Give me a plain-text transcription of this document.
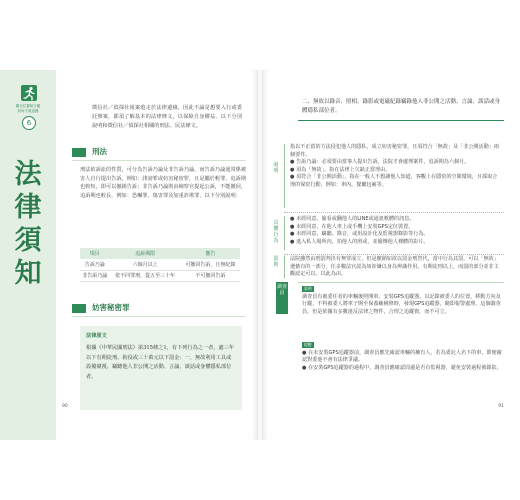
曝光位置和行蹤
如何不被追蹤
6
法律須知
徵信社／偵探社報案遊走於法律邊緣，因此不論是想要入行或委託辦案，都須了解基本的法律條文，以保障自身權益。以下分別說明和徵信社／偵探社相關的刑法、民法條文。
刑法
刑法依訴訟的性質，可分為告訴乃論及非告訴乃論，而告訴乃論通常係被害人自行提出告訴，例如：誹謗罪或妨害秘密罪，且是屬於輕罪，追訴期也較短，即可以撤銷告訴；非告訴乃論則由檢察官提起公訴，不能撤回，追訴期也較長，例如：恐嚇罪、傷害罪及加重詐欺罪，以下分別說明：
項目	追訴期限	撤告
告訴乃論	六個月以上	可撤回告訴，且無紀錄
非告訴乃論	依不同罪刑，從五至三十年	不可撤回告訴
妨害秘密罪
法律原文
根據《中華民國刑法》第315條之1，有下列行為之一者，處三年以下有期徒刑、拘役或三十萬元以下罰金：一、無故利用工具或設備窺視、竊聽他人非公開之活動、言論、談話或身體隱私部位者。
90
二、無故以錄音、照相、錄影或電磁紀錄竊錄他人非公開之活動、言論、談話或身體隱私部位者。
說明
指以不正當的方法侵犯他人的隱私，成立妨害秘密罪，且須符合「無故」及「非公開活動」兩個要件。
● 告訴乃論：必須要由當事人提出告訴，法院才會處理案件，追訴期為六個月。
● 須為「無故」，指在法律上欠缺正當理由。
● 須符合「非公開活動」，指在一般人不想讓他人知道，客觀上在隱密的空間環境，且採取合理的保密行動，例如：車內、餐廳包廂等。
具體行為
● 未經同意，偷看或翻他人的LINE或通訊軟體的訊息。
● 未經同意，在他人車上或手機上安裝GPS定位裝置。
● 未經同意，竊聽、錄音，或用設計化及監視器錄影等行為。
● 進入私人場所內，拍他人的照或，並偷傳他人裸體的影片。
罰則
法院雖然由刑罰判決有無罪成立，但是撤銷如欲以罰金刑替代，當中行為其罰，可以「無故」遺憾有的一部分，任多數法官認為如涉嫌以身為辨識作用。有期徒刑以上，而罰的部分並非主觀認定可以，以此為由。
調查員
案例
調查員有被委任者的車輛後照開車，安裝GPS追蹤器，以記錄被委人的位置，移動方向及行蹤，不料被委人將車子開至保養廠檢修時，發現GPS追蹤器，隨即報警處理。這個調查員，但是依據有多數違反法律之物件，合理之追蹤資，而不可立。
提醒
● 在未安裝GPS追蹤器前，調查員應先確認車輛的擁有人，若為委託人名下的車，即便確認對委他不會有法律爭議。
● 在安裝GPS追蹤器的過程中，調查員應確認周邊是否有監視器，避免安裝過程被錄影。
91
